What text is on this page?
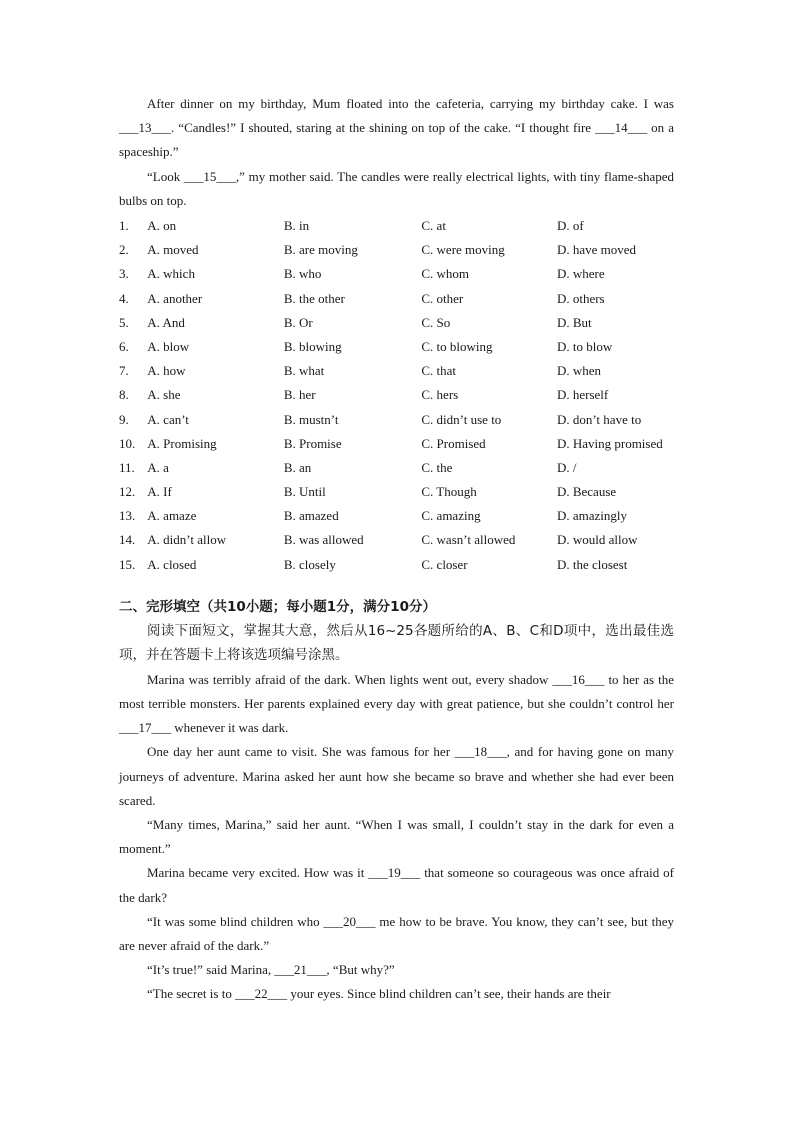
After dinner on my birthday, Mum floated into the cafeteria, carrying my birthday cake. I was ___13___. “Candles!” I shouted, staring at the shining on top of the cake. “I thought fire ___14___ on a spaceship.”

“Look ___15___,” my mother said. The candles were really electrical lights, with tiny flame-shaped bulbs on top.

1.	A. on	B. in	C. at	D. of
2.	A. moved	B. are moving	C. were moving	D. have moved
3.	A. which	B. who	C. whom	D. where
4.	A. another	B. the other	C. other	D. others
5.	A. And	B. Or	C. So	D. But
6.	A. blow	B. blowing	C. to blowing	D. to blow
7.	A. how	B. what	C. that	D. when
8.	A. she	B. her	C. hers	D. herself
9.	A. can’t	B. mustn’t	C. didn’t use to	D. don’t have to
10. A. Promising	B. Promise	C. Promised	D. Having promised
11. A. a	B. an	C. the	D. /
12. A. If	B. Until	C. Though	D. Because
13. A. amaze	B. amazed	C. amazing	D. amazingly
14. A. didn’t allow	B. was allowed	C. wasn’t allowed	D. would allow
15. A. closed	B. closely	C. closer	D. the closest
二、完形填空（共10小题；每小题1分，满分10分）

阅读下面短文，掌握其大意，然后从16~25各题所给的A、B、C和D项中，选出最佳选项，并在答题卡上将该选项编号涂黑。

Marina was terribly afraid of the dark. When lights went out, every shadow ___16___ to her as the most terrible monsters. Her parents explained every day with great patience, but she couldn’t control her ___17___ whenever it was dark.

One day her aunt came to visit. She was famous for her ___18___, and for having gone on many journeys of adventure. Marina asked her aunt how she became so brave and whether she had ever been scared.

“Many times, Marina,” said her aunt. “When I was small, I couldn’t stay in the dark for even a moment.”

Marina became very excited. How was it ___19___ that someone so courageous was once afraid of the dark?

“It was some blind children who ___20___ me how to be brave. You know, they can’t see, but they are never afraid of the dark.”

“It’s true!” said Marina, ___21___, “But why?”

“The secret is to ___22___ your eyes. Since blind children can’t see, their hands are their
